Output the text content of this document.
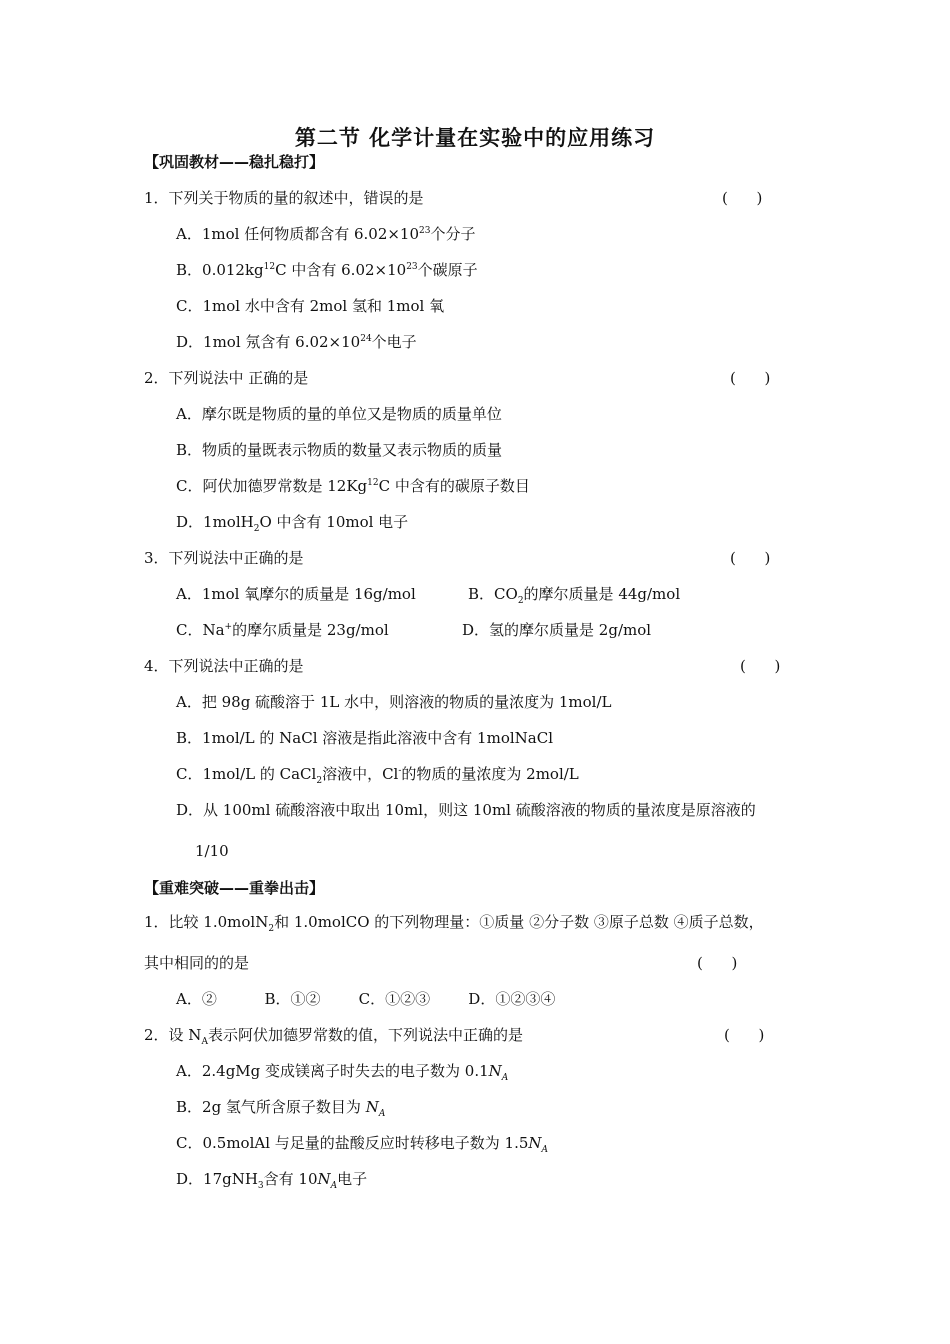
第二节 化学计量在实验中的应用练习
【巩固教材——稳扎稳打】
1．下列关于物质的量的叙述中，错误的是	(      )
A．1mol 任何物质都含有 $6.02\times 10^{23}$个分子
B．$0.012kg^{12}C$ 中含有 $6.02\times 10^{23}$个碳原子
C．1mol 水中含有 2mol 氢和 1mol 氧
D．1mol 氖含有 $6.02\times 10^{24}$个电子
2．下列说法中 正确的是	(      )
A．摩尔既是物质的量的单位又是物质的质量单位
B．物质的量既表示物质的数量又表示物质的质量
C．阿伏加德罗常数是 12Kg$^{12}$C 中含有的碳原子数目
D．1molH$_2$O 中含有 10mol 电子
3．下列说法中正确的是	(      )
A．1mol 氧摩尔的质量是 16g/mol	B．$CO_2$的摩尔质量是 44g/mol
C．Na+的摩尔质量是 23g/mol	D．氢的摩尔质量是 2g/mol
4．下列说法中正确的是	(      )
A．把 98g 硫酸溶于 1L 水中，则溶液的物质的量浓度为 1mol/L
B．1mol/L 的 NaCl 溶液是指此溶液中含有 1molNaCl
C．1mol/L 的 CaCl$_2$溶液中，Cl-的物质的量浓度为 2mol/L
D．从 100ml 硫酸溶液中取出 10ml，则这 10ml 硫酸溶液的物质的量浓度是原溶液的
1/10
【重难突破——重拳出击】
1．比较 1.0molN$_2$和 1.0molCO 的下列物理量：①质量 ②分子数 ③原子总数 ④质子总数，
其中相同的的是	(      )
A．②          B．①②        C．①②③        D．①②③④
2．设 $N_A$表示阿伏加德罗常数的值，下列说法中正确的是	(      )
A．2.4gMg 变成镁离子时失去的电子数为 $0.1N_A$
B．2g 氢气所含原子数目为 $N_A$
C．0.5molAl 与足量的盐酸反应时转移电子数为 $1.5N_A$
D．17gNH$_3$含有 $10N_A$电子
